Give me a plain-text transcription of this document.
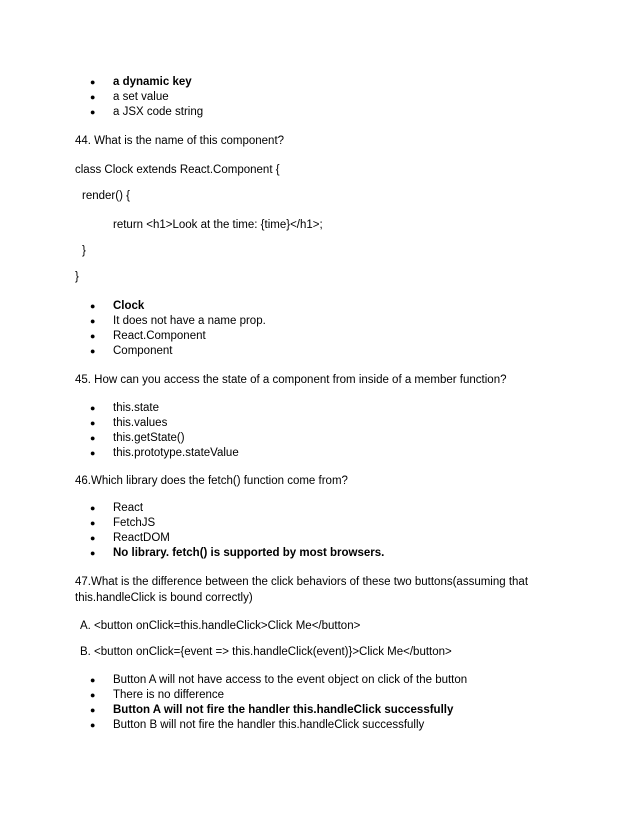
● a dynamic key
● a set value
● a JSX code string
44. What is the name of this component?
class Clock extends React.Component {
render() {
return <h1>Look at the time: {time}</h1>;
}
}
● Clock
● It does not have a name prop.
● React.Component
● Component
45. How can you access the state of a component from inside of a member function?
● this.state
● this.values
● this.getState()
● this.prototype.stateValue
46.Which library does the fetch() function come from?
● React
● FetchJS
● ReactDOM
● No library. fetch() is supported by most browsers.
47.What is the difference between the click behaviors of these two buttons(assuming that
this.handleClick is bound correctly)
A. <button onClick=this.handleClick>Click Me</button>
B. <button onClick={event => this.handleClick(event)}>Click Me</button>
● Button A will not have access to the event object on click of the button
● There is no difference
● Button A will not fire the handler this.handleClick successfully
● Button B will not fire the handler this.handleClick successfully
